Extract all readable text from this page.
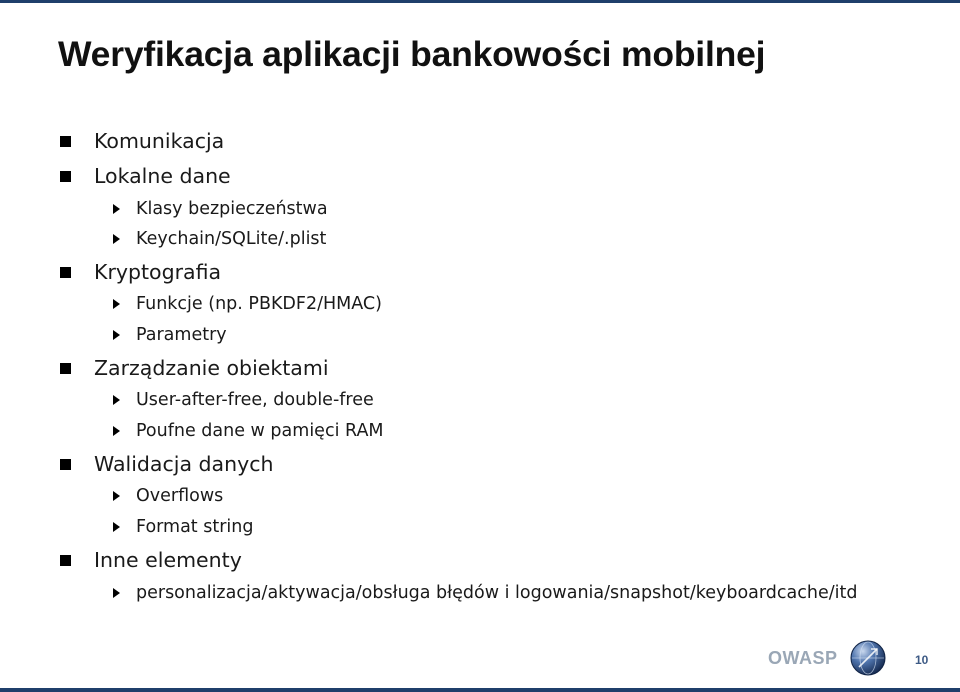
Weryfikacja aplikacji bankowości mobilnej
Komunikacja
Lokalne dane
Klasy bezpieczeństwa
Keychain/SQLite/.plist
Kryptografia
Funkcje (np. PBKDF2/HMAC)
Parametry
Zarządzanie obiektami
User-after-free, double-free
Poufne dane w pamięci RAM
Walidacja danych
Overflows
Format string
Inne elementy
personalizacja/aktywacja/obsługa błędów i logowania/snapshot/keyboardcache/itd
OWASP	10
